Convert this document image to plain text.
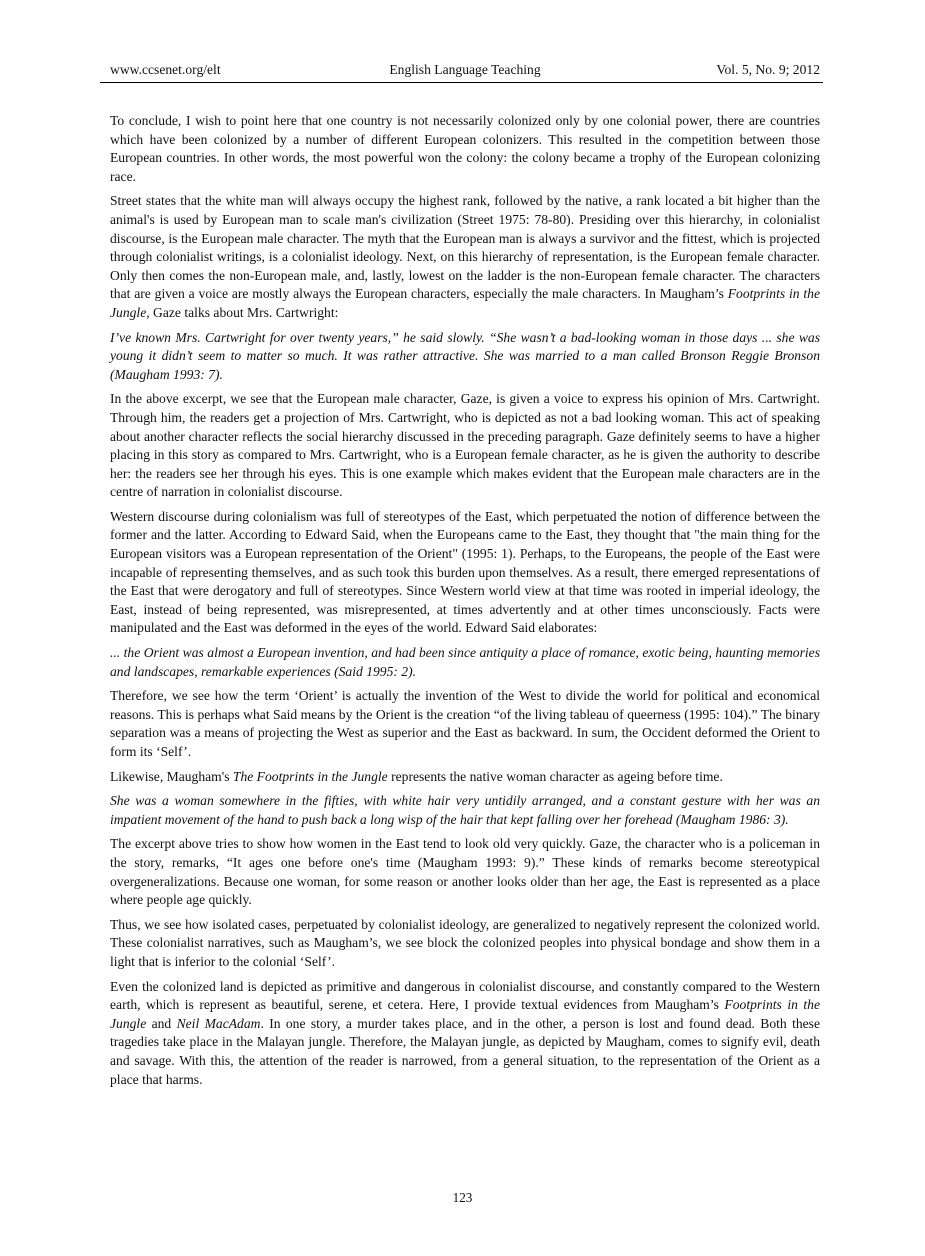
www.ccsenet.org/elt	English Language Teaching	Vol. 5, No. 9; 2012

To conclude, I wish to point here that one country is not necessarily colonized only by one colonial power, there are countries which have been colonized by a number of different European colonizers. This resulted in the competition between those European countries. In other words, the most powerful won the colony: the colony became a trophy of the European colonizing race.

Street states that the white man will always occupy the highest rank, followed by the native, a rank located a bit higher than the animal's is used by European man to scale man's civilization (Street 1975: 78-80). Presiding over this hierarchy, in colonialist discourse, is the European male character. The myth that the European man is always a survivor and the fittest, which is projected through colonialist writings, is a colonialist ideology. Next, on this hierarchy of representation, is the European female character. Only then comes the non-European male, and, lastly, lowest on the ladder is the non-European female character. The characters that are given a voice are mostly always the European characters, especially the male characters. In Maugham’s Footprints in the Jungle, Gaze talks about Mrs. Cartwright:

I’ve known Mrs. Cartwright for over twenty years,” he said slowly. “She wasn’t a bad-looking woman in those days ... she was young it didn’t seem to matter so much. It was rather attractive. She was married to a man called Bronson Reggie Bronson (Maugham 1993: 7).

In the above excerpt, we see that the European male character, Gaze, is given a voice to express his opinion of Mrs. Cartwright. Through him, the readers get a projection of Mrs. Cartwright, who is depicted as not a bad looking woman. This act of speaking about another character reflects the social hierarchy discussed in the preceding paragraph. Gaze definitely seems to have a higher placing in this story as compared to Mrs. Cartwright, who is a European female character, as he is given the authority to describe her: the readers see her through his eyes. This is one example which makes evident that the European male characters are in the centre of narration in colonialist discourse.

Western discourse during colonialism was full of stereotypes of the East, which perpetuated the notion of difference between the former and the latter. According to Edward Said, when the Europeans came to the East, they thought that "the main thing for the European visitors was a European representation of the Orient" (1995: 1). Perhaps, to the Europeans, the people of the East were incapable of representing themselves, and as such took this burden upon themselves. As a result, there emerged representations of the East that were derogatory and full of stereotypes. Since Western world view at that time was rooted in imperial ideology, the East, instead of being represented, was misrepresented, at times advertently and at other times unconsciously. Facts were manipulated and the East was deformed in the eyes of the world. Edward Said elaborates:

... the Orient was almost a European invention, and had been since antiquity a place of romance, exotic being, haunting memories and landscapes, remarkable experiences (Said 1995: 2).

Therefore, we see how the term ‘Orient’ is actually the invention of the West to divide the world for political and economical reasons. This is perhaps what Said means by the Orient is the creation “of the living tableau of queerness (1995: 104).” The binary separation was a means of projecting the West as superior and the East as backward. In sum, the Occident deformed the Orient to form its ‘Self’.

Likewise, Maugham's The Footprints in the Jungle represents the native woman character as ageing before time.

She was a woman somewhere in the fifties, with white hair very untidily arranged, and a constant gesture with her was an impatient movement of the hand to push back a long wisp of the hair that kept falling over her forehead (Maugham 1986: 3).

The excerpt above tries to show how women in the East tend to look old very quickly. Gaze, the character who is a policeman in the story, remarks, “It ages one before one's time (Maugham 1993: 9).” These kinds of remarks become stereotypical overgeneralizations. Because one woman, for some reason or another looks older than her age, the East is represented as a place where people age quickly.

Thus, we see how isolated cases, perpetuated by colonialist ideology, are generalized to negatively represent the colonized world. These colonialist narratives, such as Maugham’s, we see block the colonized peoples into physical bondage and show them in a light that is inferior to the colonial ‘Self’.

Even the colonized land is depicted as primitive and dangerous in colonialist discourse, and constantly compared to the Western earth, which is represent as beautiful, serene, et cetera. Here, I provide textual evidences from Maugham’s Footprints in the Jungle and Neil MacAdam. In one story, a murder takes place, and in the other, a person is lost and found dead. Both these tragedies take place in the Malayan jungle. Therefore, the Malayan jungle, as depicted by Maugham, comes to signify evil, death and savage. With this, the attention of the reader is narrowed, from a general situation, to the representation of the Orient as a place that harms.

123
